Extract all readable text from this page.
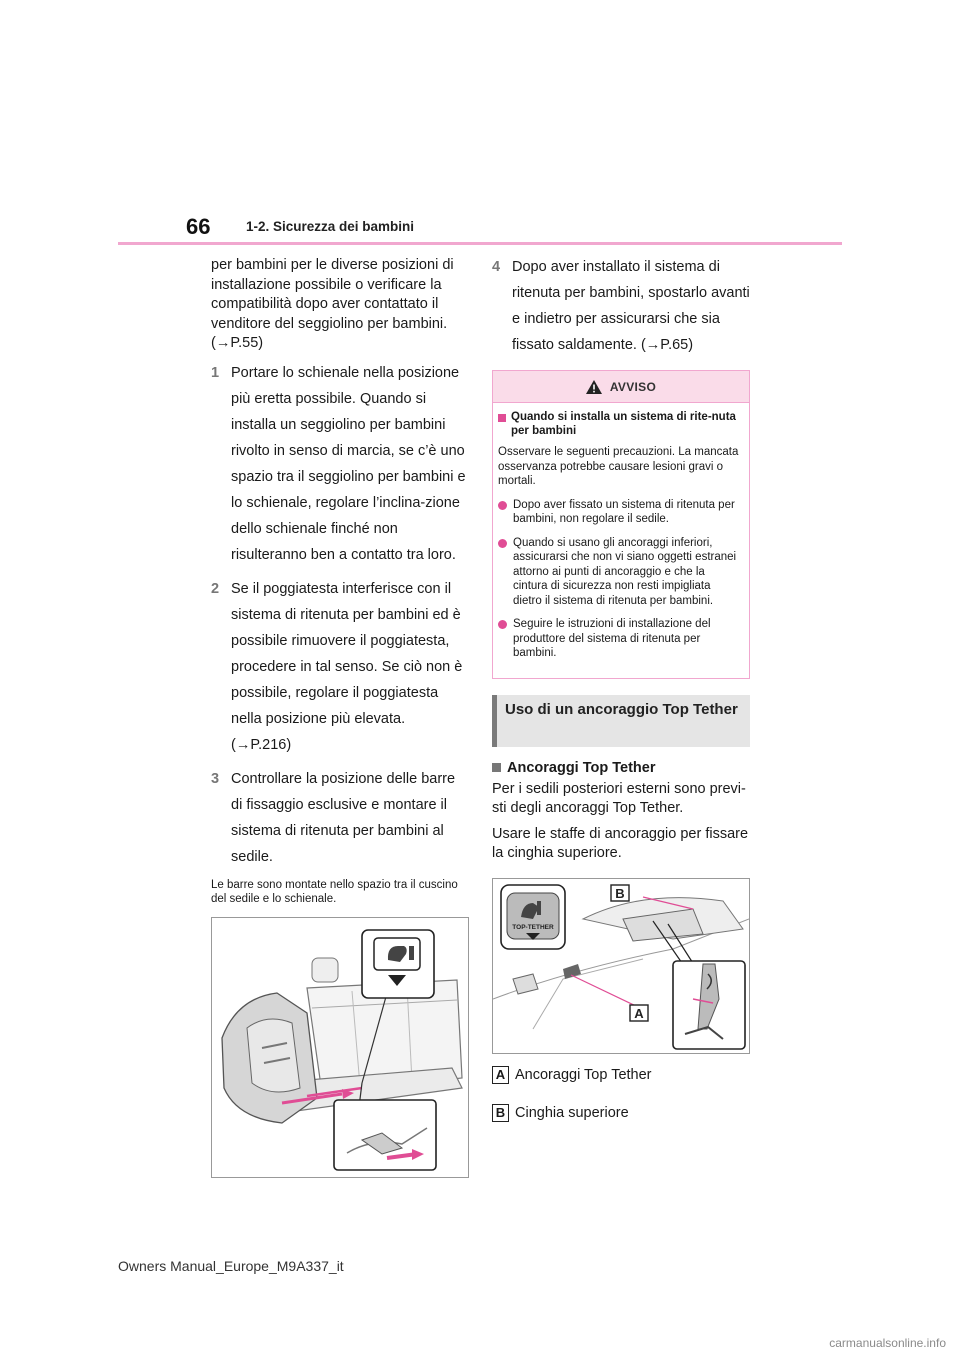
66	1-2. Sicurezza dei bambini

per bambini per le diverse posizioni di installazione possibile o verificare la compatibilità dopo aver contattato il venditore del seggiolino per bambini. (→P.55)

1 Portare lo schienale nella posizione più eretta possibile. Quando si installa un seggiolino per bambini rivolto in senso di marcia, se c’è uno spazio tra il seggiolino per bambini e lo schienale, regolare l’inclina-zione dello schienale finché non risulteranno ben a contatto tra loro.
2 Se il poggiatesta interferisce con il sistema di ritenuta per bambini ed è possibile rimuovere il poggiatesta, procedere in tal senso. Se ciò non è possibile, regolare il poggiatesta nella posizione più elevata. (→P.216)
3 Controllare la posizione delle barre di fissaggio esclusive e montare il sistema di ritenuta per bambini al sedile.

Le barre sono montate nello spazio tra il cuscino del sedile e lo schienale.

4 Dopo aver installato il sistema di ritenuta per bambini, spostarlo avanti e indietro per assicurarsi che sia fissato saldamente. (→P.65)
AVVISO
Quando si installa un sistema di rite-nuta per bambini
Osservare le seguenti precauzioni. La mancata osservanza potrebbe causare lesioni gravi o mortali.
Dopo aver fissato un sistema di ritenuta per bambini, non regolare il sedile.
Quando si usano gli ancoraggi inferiori, assicurarsi che non vi siano oggetti estranei attorno ai punti di ancoraggio e che la cintura di sicurezza non resti impigliata dietro il sistema di ritenuta per bambini.
Seguire le istruzioni di installazione del produttore del sistema di ritenuta per bambini.
Uso di un ancoraggio Top Tether
Ancoraggi Top Tether

Per i sedili posteriori esterni sono previ-sti degli ancoraggi Top Tether.

Usare le staffe di ancoraggio per fissare la cinghia superiore.

TOP-TETHER
B
A
A Ancoraggi Top Tether
B Cinghia superiore
Owners Manual_Europe_M9A337_it
carmanualsonline.info
